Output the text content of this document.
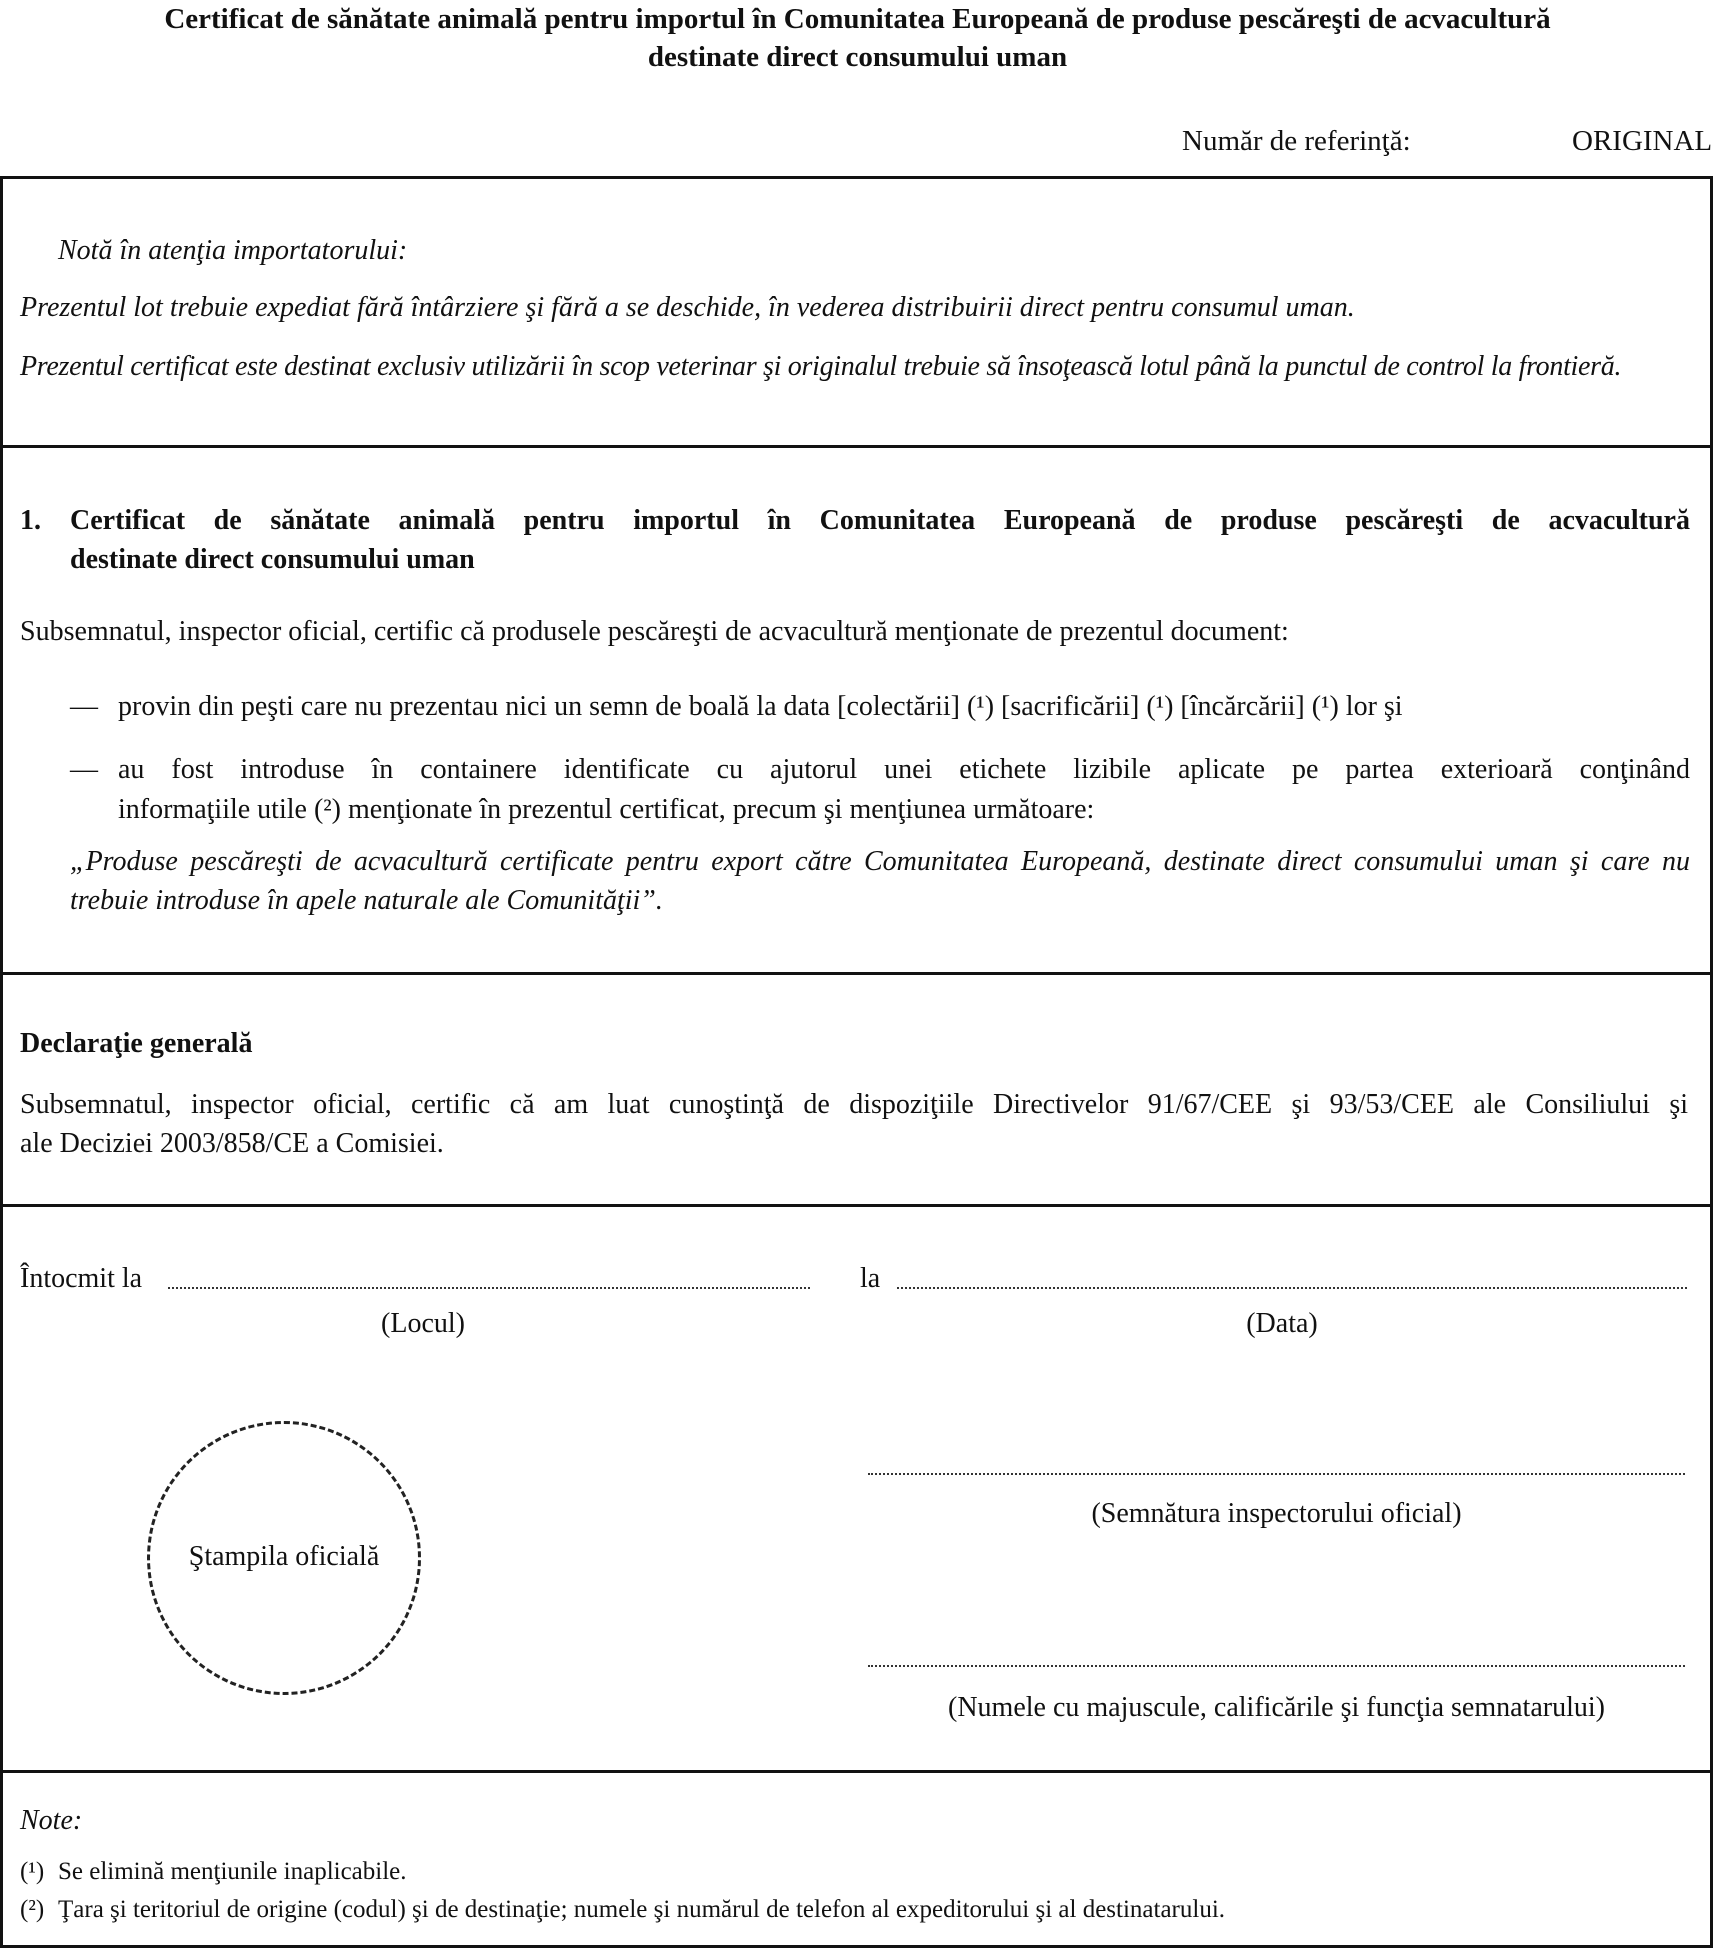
Certificat de sănătate animală pentru importul în Comunitatea Europeană de produse pescăreşti de acvacultură
destinate direct consumului uman
Număr de referinţă:	ORIGINAL
Notă în atenţia importatorului:
Prezentul lot trebuie expediat fără întârziere şi fără a se deschide, în vederea distribuirii direct pentru consumul uman.
Prezentul certificat este destinat exclusiv utilizării în scop veterinar şi originalul trebuie să însoţească lotul până la punctul de control la frontieră.
1. Certificat de sănătate animală pentru importul în Comunitatea Europeană de produse pescăreşti de acvacultură
destinate direct consumului uman
Subsemnatul, inspector oficial, certific că produsele pescăreşti de acvacultură menţionate de prezentul document:
— provin din peşti care nu prezentau nici un semn de boală la data [colectării] (¹) [sacrificării] (¹) [încărcării] (¹) lor şi
— au fost introduse în containere identificate cu ajutorul unei etichete lizibile aplicate pe partea exterioară conţinând
informaţiile utile (²) menţionate în prezentul certificat, precum şi menţiunea următoare:
„Produse pescăreşti de acvacultură certificate pentru export către Comunitatea Europeană, destinate direct consumului uman şi care nu
trebuie introduse în apele naturale ale Comunităţii”.
Declaraţie generală
Subsemnatul, inspector oficial, certific că am luat cunoştinţă de dispoziţiile Directivelor 91/67/CEE şi 93/53/CEE ale Consiliului şi
ale Deciziei 2003/858/CE a Comisiei.
Întocmit la	la
(Locul)	(Data)
Ştampila oficială
(Semnătura inspectorului oficial)
(Numele cu majuscule, calificările şi funcţia semnatarului)
Note:
(¹) Se elimină menţiunile inaplicabile.
(²) Ţara şi teritoriul de origine (codul) şi de destinaţie; numele şi numărul de telefon al expeditorului şi al destinatarului.
